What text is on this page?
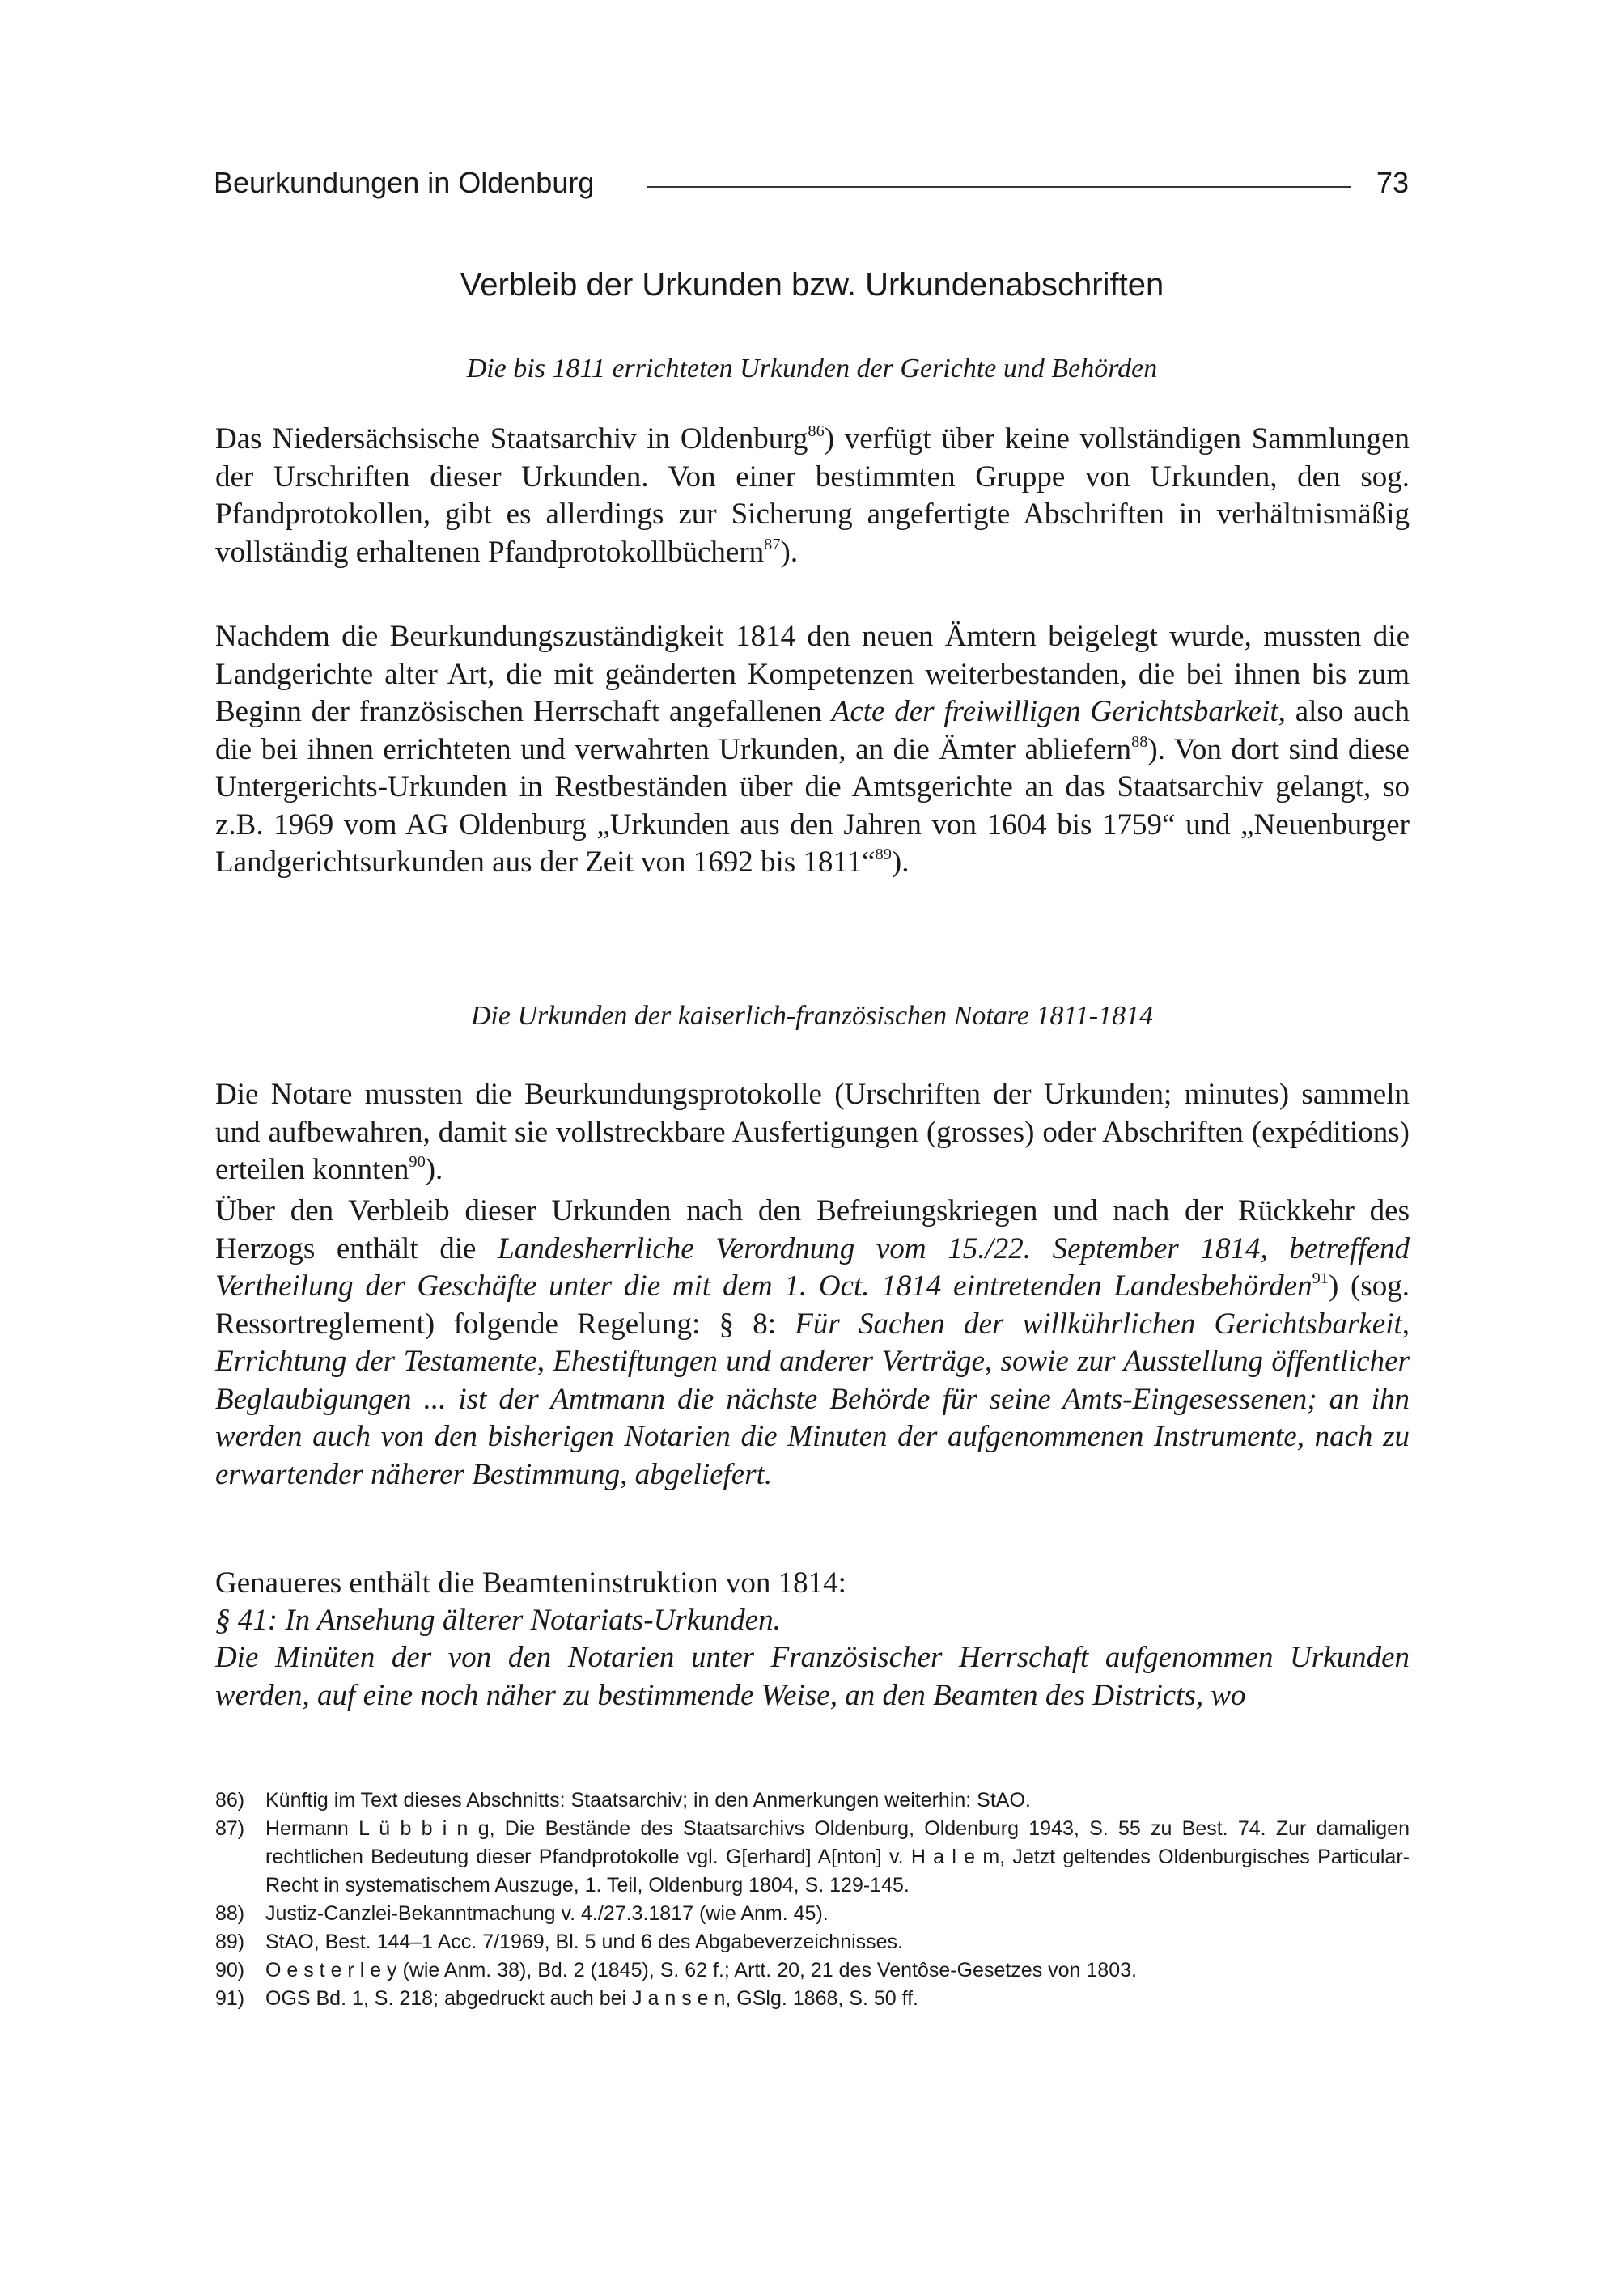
Beurkundungen in Oldenburg	73
Verbleib der Urkunden bzw. Urkundenabschriften
Die bis 1811 errichteten Urkunden der Gerichte und Behörden

Das Niedersächsische Staatsarchiv in Oldenburg$^{86}$) verfügt über keine vollständigen Sammlungen der Urschriften dieser Urkunden. Von einer bestimmten Gruppe von Urkunden, den sog. Pfandprotokollen, gibt es allerdings zur Sicherung angefertigte Abschriften in verhältnismäßig vollständig erhaltenen Pfandprotokollbüchern$^{87}$).

Nachdem die Beurkundungszuständigkeit 1814 den neuen Ämtern beigelegt wurde, mussten die Landgerichte alter Art, die mit geänderten Kompetenzen weiterbestanden, die bei ihnen bis zum Beginn der französischen Herrschaft angefallenen Acte der freiwilligen Gerichtsbarkeit, also auch die bei ihnen errichteten und verwahrten Urkunden, an die Ämter abliefern$^{88}$). Von dort sind diese Untergerichts-Urkunden in Restbeständen über die Amtsgerichte an das Staatsarchiv gelangt, so z.B. 1969 vom AG Oldenburg „Urkunden aus den Jahren von 1604 bis 1759“ und „Neuenburger Landgerichtsurkunden aus der Zeit von 1692 bis 1811“$^{89}$).

Die Urkunden der kaiserlich-französischen Notare 1811-1814

Die Notare mussten die Beurkundungsprotokolle (Urschriften der Urkunden; minutes) sammeln und aufbewahren, damit sie vollstreckbare Ausfertigungen (grosses) oder Abschriften (expéditions) erteilen konnten$^{90}$).

Über den Verbleib dieser Urkunden nach den Befreiungskriegen und nach der Rückkehr des Herzogs enthält die Landesherrliche Verordnung vom 15./22. September 1814, betreffend Vertheilung der Geschäfte unter die mit dem 1. Oct. 1814 eintretenden Landesbehörden$^{91}$) (sog. Ressortreglement) folgende Regelung: § 8: Für Sachen der willkührlichen Gerichtsbarkeit, Errichtung der Testamente, Ehestiftungen und anderer Verträge, sowie zur Ausstellung öffentlicher Beglaubigungen ... ist der Amtmann die nächste Behörde für seine Amts-Eingesessenen; an ihn werden auch von den bisherigen Notarien die Minuten der aufgenommenen Instrumente, nach zu erwartender näherer Bestimmung, abgeliefert.

Genaueres enthält die Beamteninstruktion von 1814:

§ 41: In Ansehung älterer Notariats-Urkunden.

Die Minüten der von den Notarien unter Französischer Herrschaft aufgenommen Urkunden werden, auf eine noch näher zu bestimmende Weise, an den Beamten des Districts, wo

86)	Künftig im Text dieses Abschnitts: Staatsarchiv; in den Anmerkungen weiterhin: StAO.
87)	Hermann L ü b b i n g, Die Bestände des Staatsarchivs Oldenburg, Oldenburg 1943, S. 55 zu Best. 74. Zur damaligen rechtlichen Bedeutung dieser Pfandprotokolle vgl. G[erhard] A[nton] v. H a l e m, Jetzt geltendes Oldenburgisches Particular-Recht in systematischem Auszuge, 1. Teil, Oldenburg 1804, S. 129-145.
88)	Justiz-Canzlei-Bekanntmachung v. 4./27.3.1817 (wie Anm. 45).
89)	StAO, Best. 144–1 Acc. 7/1969, Bl. 5 und 6 des Abgabeverzeichnisses.
90)	O e s t e r l e y (wie Anm. 38), Bd. 2 (1845), S. 62 f.; Artt. 20, 21 des Ventôse-Gesetzes von 1803.
91)	OGS Bd. 1, S. 218; abgedruckt auch bei J a n s e n, GSlg. 1868, S. 50 ff.
